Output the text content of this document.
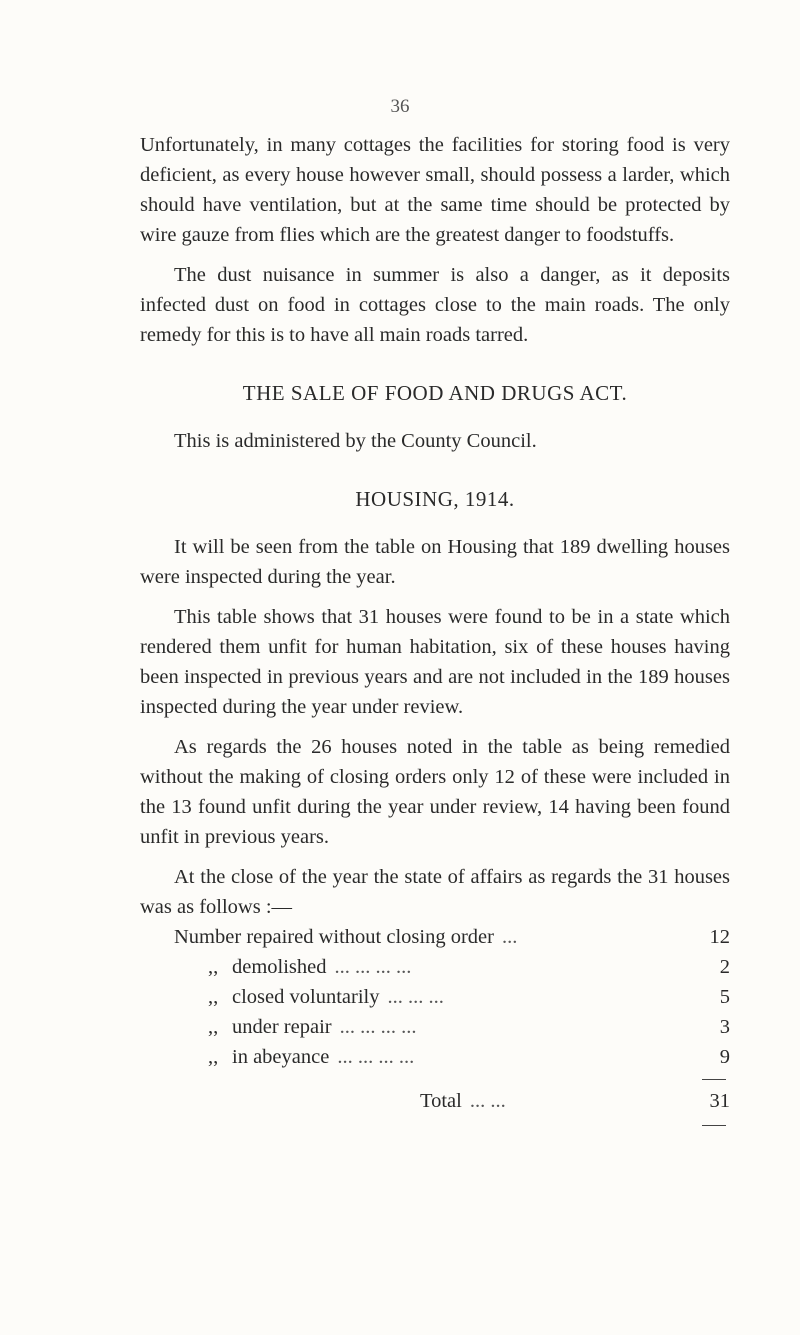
36

Unfortunately, in many cottages the facilities for storing food is very deficient, as every house however small, should possess a larder, which should have ventilation, but at the same time should be protected by wire gauze from flies which are the greatest danger to foodstuffs.

The dust nuisance in summer is also a danger, as it deposits infected dust on food in cottages close to the main roads. The only remedy for this is to have all main roads tarred.

THE SALE OF FOOD AND DRUGS ACT.

This is administered by the County Council.

HOUSING, 1914.

It will be seen from the table on Housing that 189 dwelling houses were inspected during the year.

This table shows that 31 houses were found to be in a state which rendered them unfit for human habitation, six of these houses having been inspected in previous years and are not included in the 189 houses inspected during the year under review.

As regards the 26 houses noted in the table as being remedied without the making of closing orders only 12 of these were included in the 13 found unfit during the year under review, 14 having been found unfit in previous years.

At the close of the year the state of affairs as regards the 31 houses was as follows :—

Number repaired without closing order ...	12
,, demolished ... ... ... ...	2
,, closed voluntarily ... ... ...	5
,, under repair ... ... ... ...	3
,, in abeyance ... ... ... ...	9
Total ... ...	31
